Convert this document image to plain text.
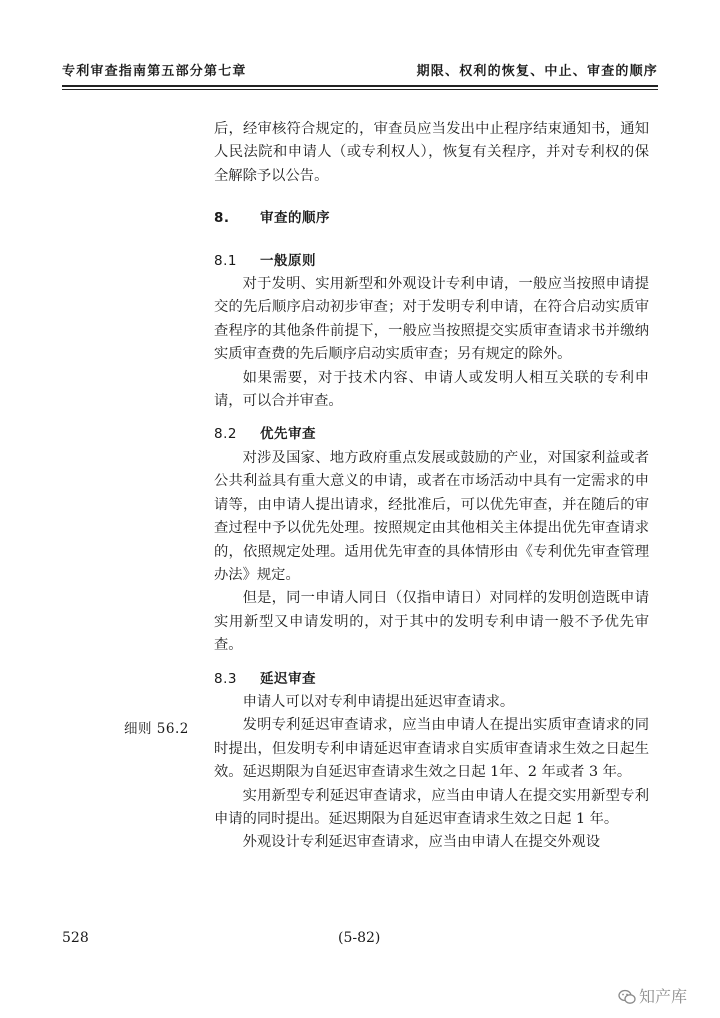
专利审查指南第五部分第七章	期限、权利的恢复、中止、审查的顺序

后，经审核符合规定的，审查员应当发出中止程序结束通知书，通知人民法院和申请人（或专利权人），恢复有关程序，并对专利权的保全解除予以公告。

8. 审查的顺序
8.1 一般原则

对于发明、实用新型和外观设计专利申请，一般应当按照申请提交的先后顺序启动初步审查；对于发明专利申请，在符合启动实质审查程序的其他条件前提下，一般应当按照提交实质审查请求书并缴纳实质审查费的先后顺序启动实质审查；另有规定的除外。

如果需要，对于技术内容、申请人或发明人相互关联的专利申请，可以合并审查。

8.2 优先审查

对涉及国家、地方政府重点发展或鼓励的产业，对国家利益或者公共利益具有重大意义的申请，或者在市场活动中具有一定需求的申请等，由申请人提出请求，经批准后，可以优先审查，并在随后的审查过程中予以优先处理。按照规定由其他相关主体提出优先审查请求的，依照规定处理。适用优先审查的具体情形由《专利优先审查管理办法》规定。

但是，同一申请人同日（仅指申请日）对同样的发明创造既申请实用新型又申请发明的，对于其中的发明专利申请一般不予优先审查。

8.3 延迟审查

申请人可以对专利申请提出延迟审查请求。

发明专利延迟审查请求，应当由申请人在提出实质审查请求的同时提出，但发明专利申请延迟审查请求自实质审查请求生效之日起生效。延迟期限为自延迟审查请求生效之日起 1年、2 年或者 3 年。

实用新型专利延迟审查请求，应当由申请人在提交实用新型专利申请的同时提出。延迟期限为自延迟审查请求生效之日起 1 年。

外观设计专利延迟审查请求，应当由申请人在提交外观设

细则 56.2
528	(5-82)
知产库
